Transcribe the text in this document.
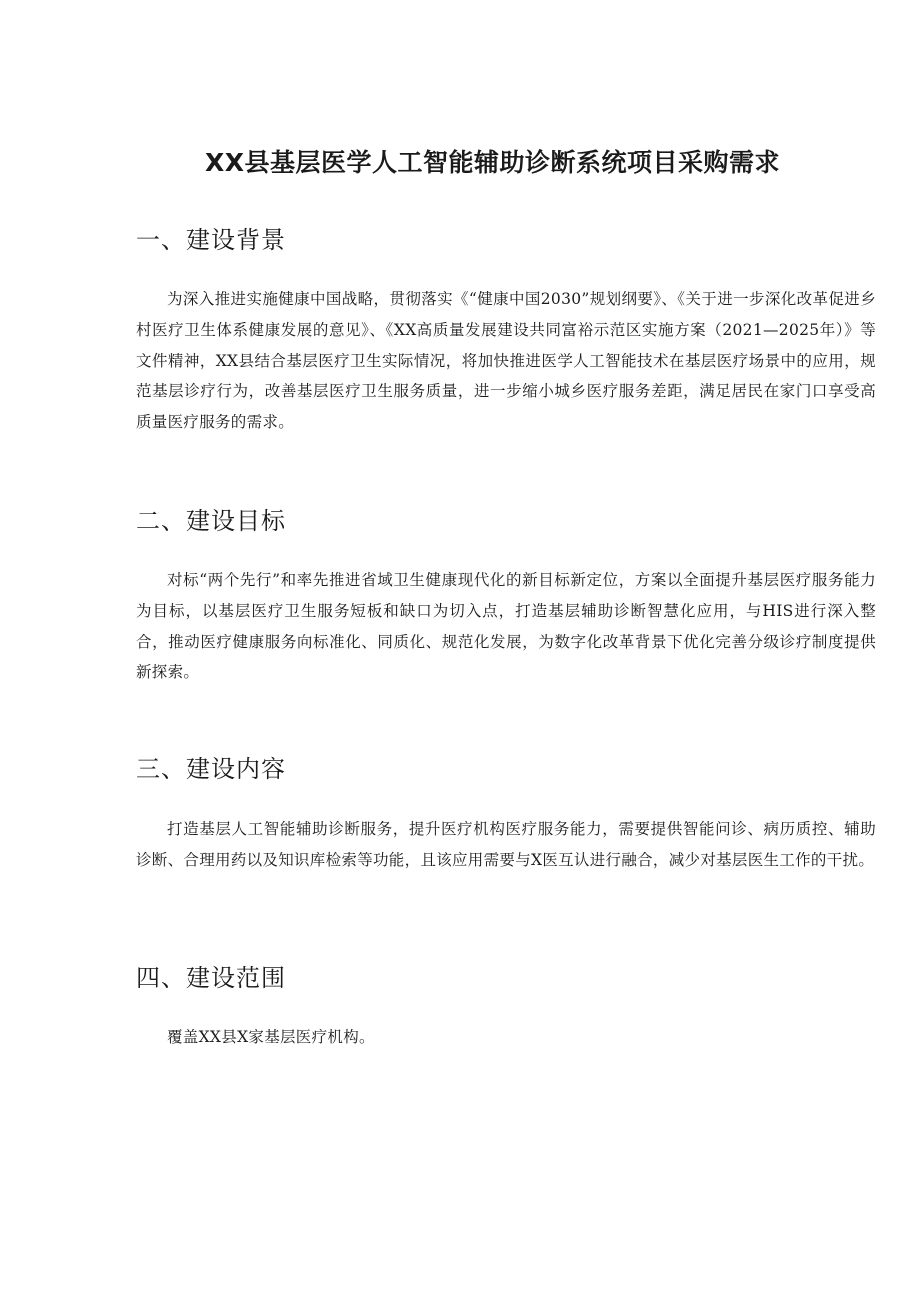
XX县基层医学人工智能辅助诊断系统项目采购需求
一、建设背景

为深入推进实施健康中国战略，贯彻落实《“健康中国2030”规划纲要》、《关于进一步深化改革促进乡村医疗卫生体系健康发展的意见》、《XX高质量发展建设共同富裕示范区实施方案（2021—2025年）》等文件精神，XX县结合基层医疗卫生实际情况，将加快推进医学人工智能技术在基层医疗场景中的应用，规范基层诊疗行为，改善基层医疗卫生服务质量，进一步缩小城乡医疗服务差距，满足居民在家门口享受高质量医疗服务的需求。

二、建设目标

对标“两个先行”和率先推进省域卫生健康现代化的新目标新定位，方案以全面提升基层医疗服务能力为目标，以基层医疗卫生服务短板和缺口为切入点，打造基层辅助诊断智慧化应用，与HIS进行深入整合，推动医疗健康服务向标准化、同质化、规范化发展，为数字化改革背景下优化完善分级诊疗制度提供新探索。

三、建设内容

打造基层人工智能辅助诊断服务，提升医疗机构医疗服务能力，需要提供智能问诊、病历质控、辅助诊断、合理用药以及知识库检索等功能，且该应用需要与X医互认进行融合，减少对基层医生工作的干扰。

四、建设范围

覆盖XX县X家基层医疗机构。
